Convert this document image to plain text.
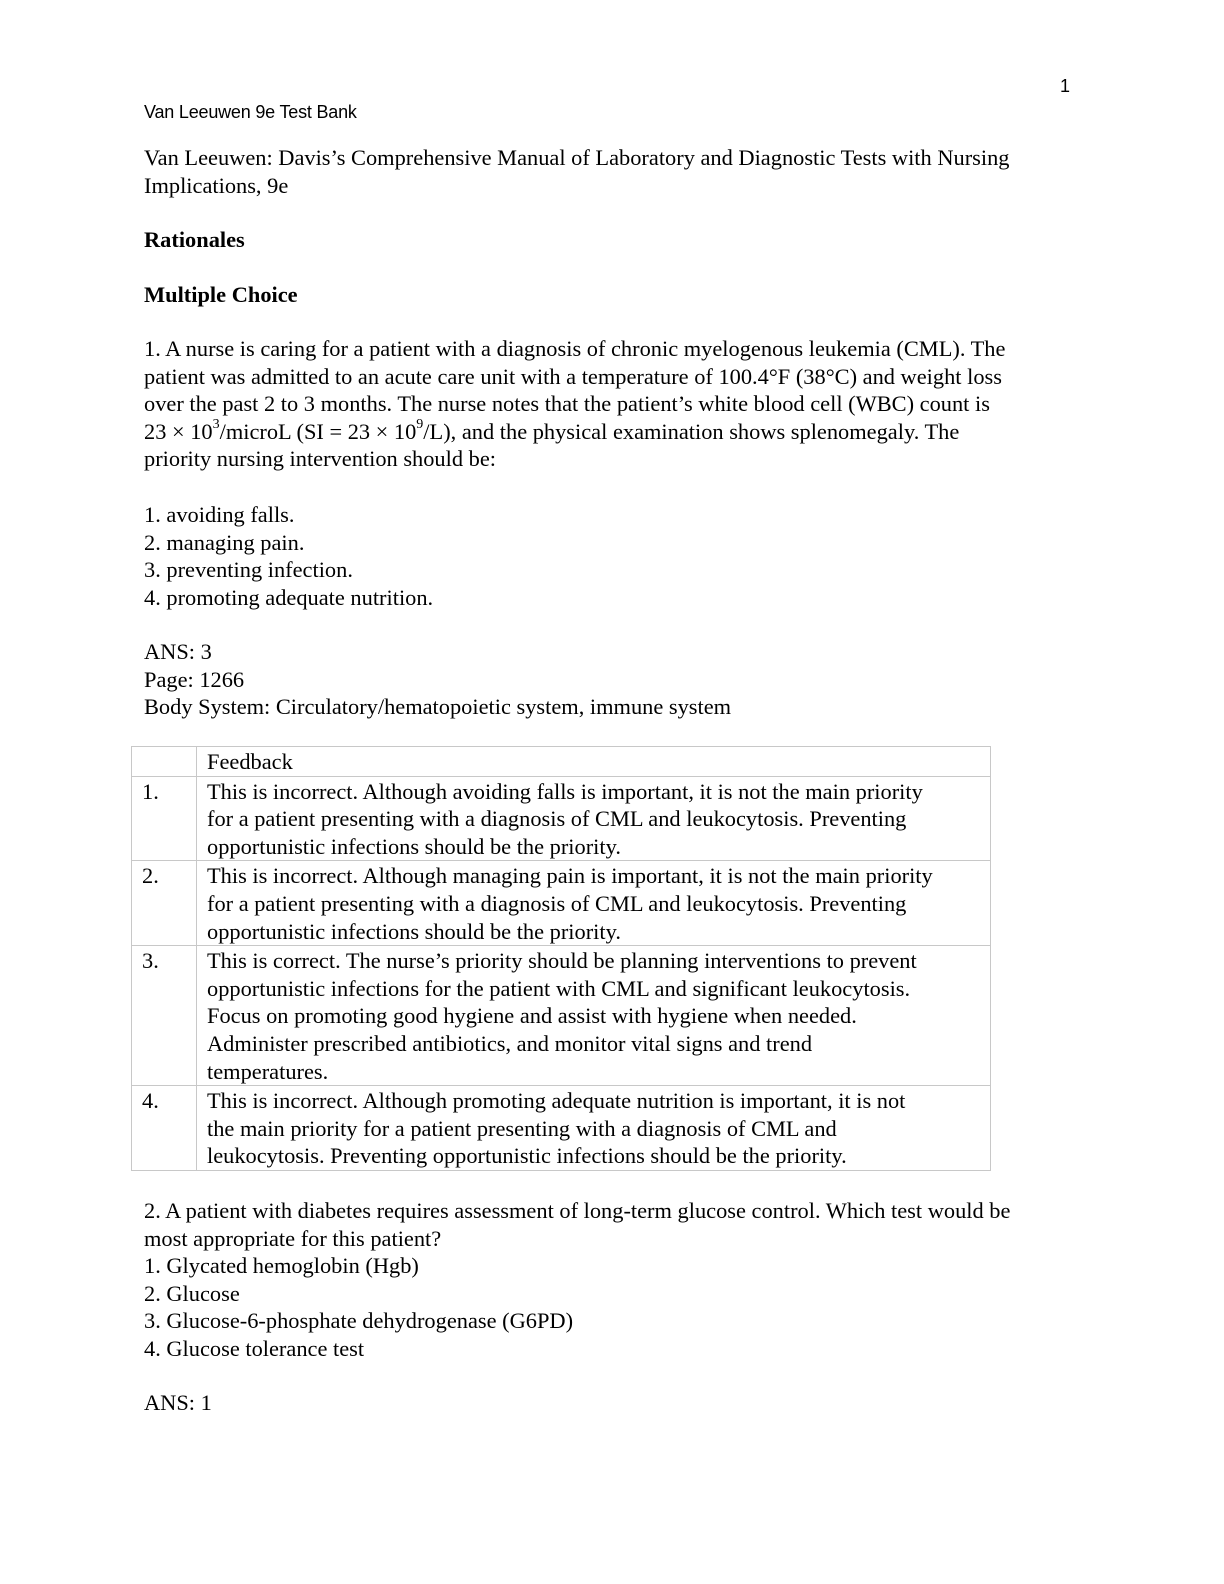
1
Van Leeuwen 9e Test Bank
Van Leeuwen: Davis’s Comprehensive Manual of Laboratory and Diagnostic Tests with Nursing
Implications, 9e
Rationales
Multiple Choice
1. A nurse is caring for a patient with a diagnosis of chronic myelogenous leukemia (CML). The
patient was admitted to an acute care unit with a temperature of 100.4°F (38°C) and weight loss
over the past 2 to 3 months. The nurse notes that the patient’s white blood cell (WBC) count is
$23 \times 10^3$/microL $(SI = 23 \times 10^9/L)$, and the physical examination shows splenomegaly. The
priority nursing intervention should be:
1. avoiding falls.
2. managing pain.
3. preventing infection.
4. promoting adequate nutrition.
ANS: 3
Page: 1266
Body System: Circulatory/hematopoietic system, immune system
	Feedback
1.	This is incorrect. Although avoiding falls is important, it is not the main priority
for a patient presenting with a diagnosis of CML and leukocytosis. Preventing
opportunistic infections should be the priority.

2.	This is incorrect. Although managing pain is important, it is not the main priority
for a patient presenting with a diagnosis of CML and leukocytosis. Preventing
opportunistic infections should be the priority.

3.	This is correct. The nurse’s priority should be planning interventions to prevent
opportunistic infections for the patient with CML and significant leukocytosis.
Focus on promoting good hygiene and assist with hygiene when needed.
Administer prescribed antibiotics, and monitor vital signs and trend
temperatures.

4.	This is incorrect. Although promoting adequate nutrition is important, it is not
the main priority for a patient presenting with a diagnosis of CML and
leukocytosis. Preventing opportunistic infections should be the priority.
2. A patient with diabetes requires assessment of long-term glucose control. Which test would be
most appropriate for this patient?
1. Glycated hemoglobin (Hgb)
2. Glucose
3. Glucose-6-phosphate dehydrogenase (G6PD)
4. Glucose tolerance test
ANS: 1
